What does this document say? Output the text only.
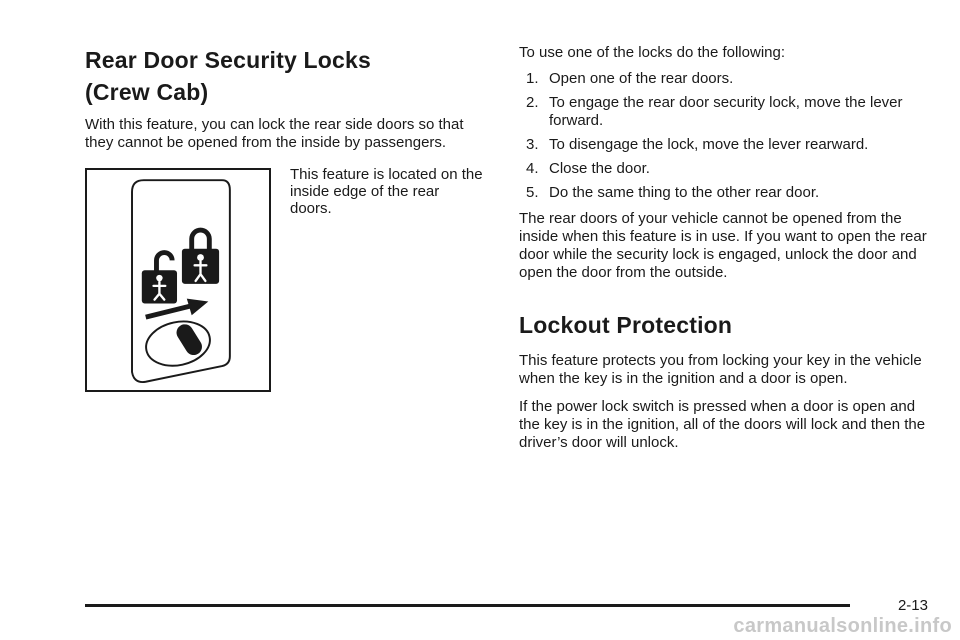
Rear Door Security Locks
(Crew Cab)

With this feature, you can lock the rear side doors so that they cannot be opened from the inside by passengers.

This feature is located on the inside edge of the rear doors.

To use one of the locks do the following:

1. Open one of the rear doors.
2. To engage the rear door security lock, move the lever forward.
3. To disengage the lock, move the lever rearward.
4. Close the door.
5. Do the same thing to the other rear door.

The rear doors of your vehicle cannot be opened from the inside when this feature is in use. If you want to open the rear door while the security lock is engaged, unlock the door and open the door from the outside.

Lockout Protection

This feature protects you from locking your key in the vehicle when the key is in the ignition and a door is open.

If the power lock switch is pressed when a door is open and the key is in the ignition, all of the doors will lock and then the driver’s door will unlock.

2-13
carmanualsonline.info
